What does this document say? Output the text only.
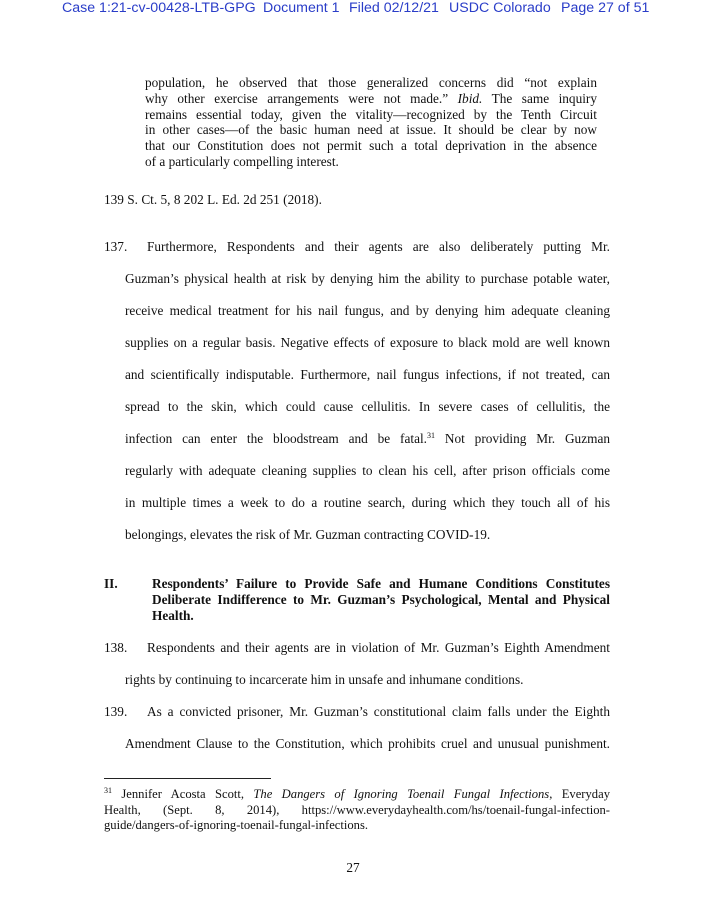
Case 1:21-cv-00428-LTB-GPG Document 1 Filed 02/12/21 USDC Colorado Page 27 of 51
population, he observed that those generalized concerns did “not explain
why other exercise arrangements were not made.” Ibid. The same inquiry
remains essential today, given the vitality—recognized by the Tenth Circuit
in other cases—of the basic human need at issue. It should be clear by now
that our Constitution does not permit such a total deprivation in the absence
of a particularly compelling interest.
139 S. Ct. 5, 8 202 L. Ed. 2d 251 (2018).
137. Furthermore, Respondents and their agents are also deliberately putting Mr.
Guzman’s physical health at risk by denying him the ability to purchase potable water,
receive medical treatment for his nail fungus, and by denying him adequate cleaning
supplies on a regular basis. Negative effects of exposure to black mold are well known
and scientifically indisputable. Furthermore, nail fungus infections, if not treated, can
spread to the skin, which could cause cellulitis. In severe cases of cellulitis, the
infection can enter the bloodstream and be fatal.$^{31}$ Not providing Mr. Guzman
regularly with adequate cleaning supplies to clean his cell, after prison officials come
in multiple times a week to do a routine search, during which they touch all of his
belongings, elevates the risk of Mr. Guzman contracting COVID-19.
II.	Respondents’ Failure to Provide Safe and Humane Conditions Constitutes
Deliberate Indifference to Mr. Guzman’s Psychological, Mental and Physical
Health.
138. Respondents and their agents are in violation of Mr. Guzman’s Eighth Amendment
rights by continuing to incarcerate him in unsafe and inhumane conditions.
139. As a convicted prisoner, Mr. Guzman’s constitutional claim falls under the Eighth
Amendment Clause to the Constitution, which prohibits cruel and unusual punishment.
$^{31}$ Jennifer Acosta Scott, The Dangers of Ignoring Toenail Fungal Infections, Everyday
Health, (Sept. 8, 2014), https://www.everydayhealth.com/hs/toenail-fungal-infection-
guide/dangers-of-ignoring-toenail-fungal-infections.
27
